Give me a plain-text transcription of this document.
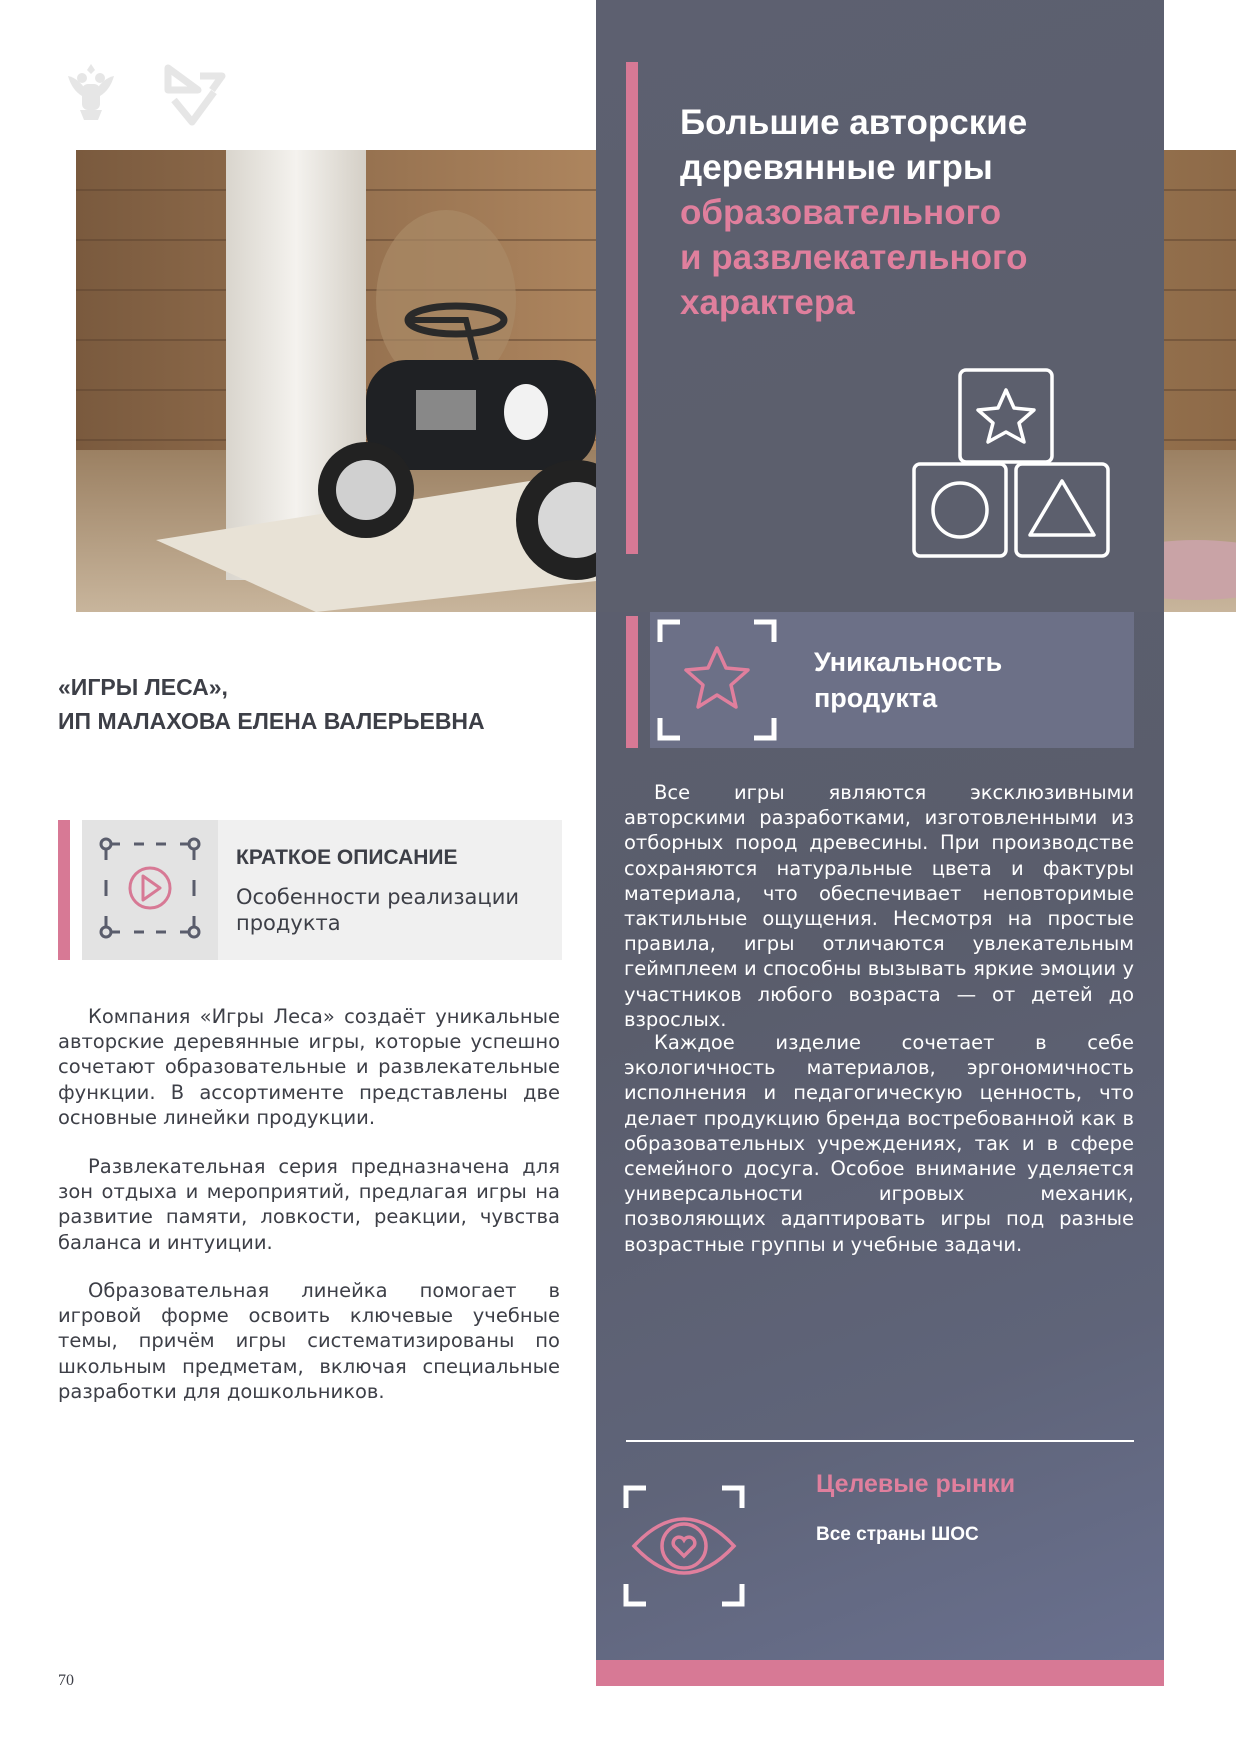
Большие авторские
деревянные игры
образовательного
и развлекательного
характера
Уникальность
продукта

Все игры являются эксклюзивными авторскими разработками, изготовленными из отборных пород древесины. При производстве сохраняются натуральные цвета и фактуры материала, что обеспечивает неповторимые тактильные ощущения. Несмотря на простые правила, игры отличаются увлекательным геймплеем и способны вызывать яркие эмоции у участников любого возраста — от детей до взрослых.

Каждое изделие сочетает в себе экологичность материалов, эргономичность исполнения и педагогическую ценность, что делает продукцию бренда востребованной как в образовательных учреждениях, так и в сфере семейного досуга. Особое внимание уделяется универсальности игровых механик, позволяющих адаптировать игры под разные возрастные группы и учебные задачи.

Целевые рынки

Все страны ШОС

«ИГРЫ ЛЕСА»,
ИП МАЛАХОВА ЕЛЕНА ВАЛЕРЬЕВНА

КРАТКОЕ ОПИСАНИЕ

Особенности реализации продукта

Компания «Игры Леса» создаёт уникальные авторские деревянные игры, которые успешно сочетают образовательные и развлекательные функции. В ассортименте представлены две основные линейки продукции.

Развлекательная серия предназначена для зон отдыха и мероприятий, предлагая игры на развитие памяти, ловкости, реакции, чувства баланса и интуиции.

Образовательная линейка помогает в игровой форме освоить ключевые учебные темы, причём игры систематизированы по школьным предметам, включая специальные разработки для дошкольников.

70
